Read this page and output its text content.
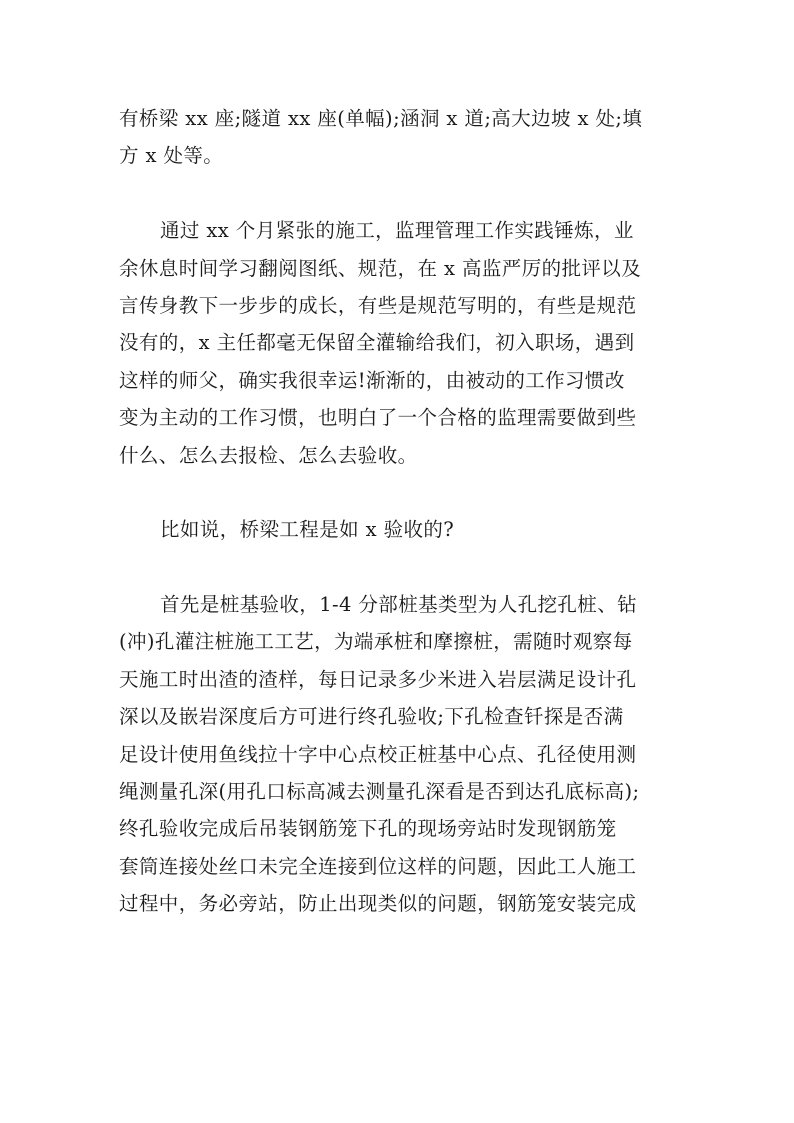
有桥梁 xx 座;隧道 xx 座(单幅);涵洞 x 道;高大边坡 x 处;填
方 x 处等。

通过 xx 个月紧张的施工，监理管理工作实践锤炼，业
余休息时间学习翻阅图纸、规范，在 x 高监严厉的批评以及
言传身教下一步步的成长，有些是规范写明的，有些是规范
没有的，x 主任都毫无保留全灌输给我们，初入职场，遇到
这样的师父，确实我很幸运!渐渐的，由被动的工作习惯改
变为主动的工作习惯，也明白了一个合格的监理需要做到些
什么、怎么去报检、怎么去验收。

比如说，桥梁工程是如 x 验收的?

首先是桩基验收，1-4 分部桩基类型为人孔挖孔桩、钻
(冲)孔灌注桩施工工艺，为端承桩和摩擦桩，需随时观察每
天施工时出渣的渣样，每日记录多少米进入岩层满足设计孔
深以及嵌岩深度后方可进行终孔验收;下孔检查钎探是否满
足设计使用鱼线拉十字中心点校正桩基中心点、孔径使用测
绳测量孔深(用孔口标高减去测量孔深看是否到达孔底标高);
终孔验收完成后吊装钢筋笼下孔的现场旁站时发现钢筋笼
套筒连接处丝口未完全连接到位这样的问题，因此工人施工
过程中，务必旁站，防止出现类似的问题，钢筋笼安装完成
